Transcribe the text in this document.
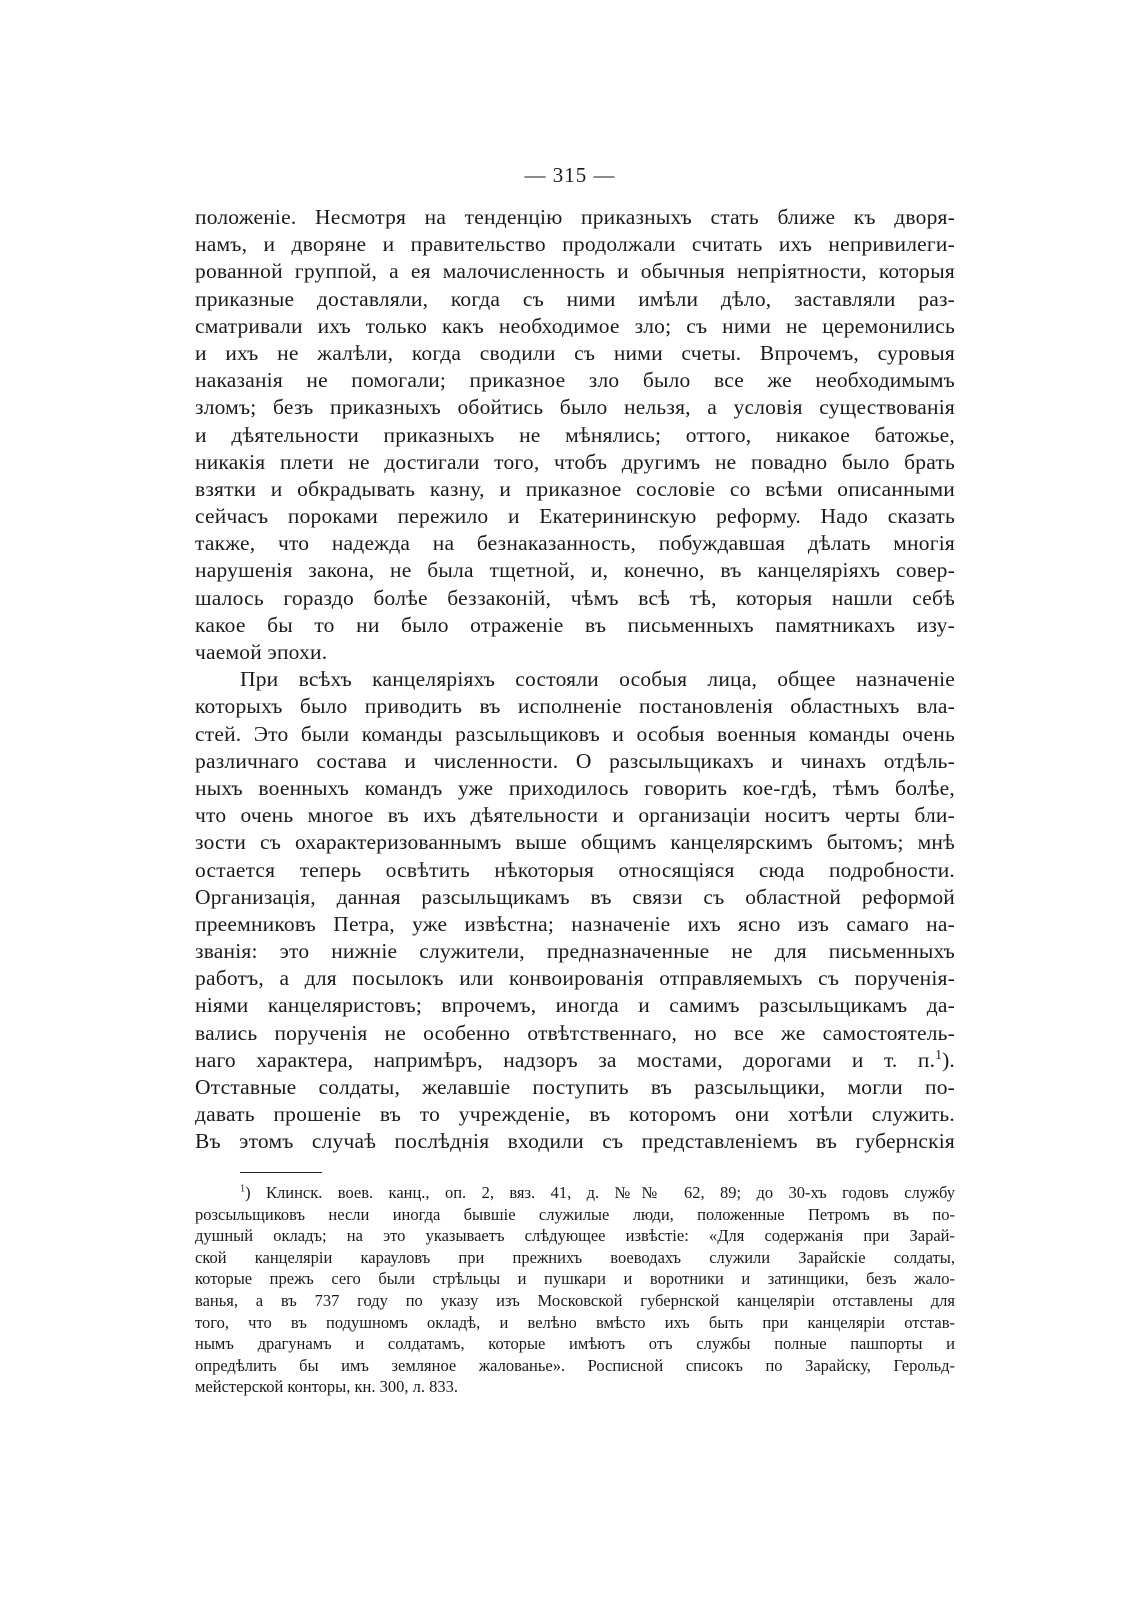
— 315 —
положеніе. Несмотря на тенденцію приказныхъ стать ближе къ дворя-
намъ, и дворяне и правительство продолжали считать ихъ непривилеги-
рованной группой, а ея малочисленность и обычныя непріятности, которыя
приказные доставляли, когда съ ними имѣли дѣло, заставляли раз-
сматривали ихъ только какъ необходимое зло; съ ними не церемонились
и ихъ не жалѣли, когда сводили съ ними счеты. Впрочемъ, суровыя
наказанія не помогали; приказное зло было все же необходимымъ
зломъ; безъ приказныхъ обойтись было нельзя, а условія существованія
и дѣятельности приказныхъ не мѣнялись; оттого, никакое батожье,
никакія плети не достигали того, чтобъ другимъ не повадно было брать
взятки и обкрадывать казну, и приказное сословіе со всѣми описанными
сейчасъ пороками пережило и Екатерининскую реформу. Надо сказать
также, что надежда на безнаказанность, побуждавшая дѣлать многія
нарушенія закона, не была тщетной, и, конечно, въ канцеляріяхъ совер-
шалось гораздо болѣе беззаконій, чѣмъ всѣ тѣ, которыя нашли себѣ
какое бы то ни было отраженіе въ письменныхъ памятникахъ изу-
чаемой эпохи.
При всѣхъ канцеляріяхъ состояли особыя лица, общее назначеніе
которыхъ было приводить въ исполненіе постановленія областныхъ вла-
стей. Это были команды разсыльщиковъ и особыя военныя команды очень
различнаго состава и численности. О разсыльщикахъ и чинахъ отдѣль-
ныхъ военныхъ командъ уже приходилось говорить кое-гдѣ, тѣмъ болѣе,
что очень многое въ ихъ дѣятельности и организаціи носитъ черты бли-
зости съ охарактеризованнымъ выше общимъ канцелярскимъ бытомъ; мнѣ
остается теперь освѣтить нѣкоторыя относящіяся сюда подробности.
Организація, данная разсыльщикамъ въ связи съ областной реформой
преемниковъ Петра, уже извѣстна; назначеніе ихъ ясно изъ самаго на-
званія: это нижніе служители, предназначенные не для письменныхъ
работъ, а для посылокъ или конвоированія отправляемыхъ съ порученія-
ніями канцеляристовъ; впрочемъ, иногда и самимъ разсыльщикамъ да-
вались порученія не особенно отвѣтственнаго, но все же самостоятель-
наго характера, напримѣръ, надзоръ за мостами, дорогами и т. п.$^1$).
Отставные солдаты, желавшіе поступить въ разсыльщики, могли по-
давать прошеніе въ то учрежденіе, въ которомъ они хотѣли служить.
Въ этомъ случаѣ послѣднія входили съ представленіемъ въ губернскія
$^1$) Клинск. воев. канц., оп. 2, вяз. 41, д. №№ 62, 89; до 30-хъ годовъ службу
розсыльщиковъ несли иногда бывшіе служилые люди, положенные Петромъ въ по-
душный окладъ; на это указываетъ слѣдующее извѣстіе: «Для содержанія при Зарай-
ской канцеляріи карауловъ при прежнихъ воеводахъ служили Зарайскіе солдаты,
которые прежъ сего были стрѣльцы и пушкари и воротники и затинщики, безъ жало-
ванья, а въ 737 году по указу изъ Московской губернской канцеляріи отставлены для
того, что въ подушномъ окладѣ, и велѣно вмѣсто ихъ быть при канцеляріи отстав-
нымъ драгунамъ и солдатамъ, которые имѣютъ отъ службы полные пашпорты и
опредѣлить бы имъ земляное жалованье». Росписной списокъ по Зарайску, Герольд-
мейстерской конторы, кн. 300, л. 833.
